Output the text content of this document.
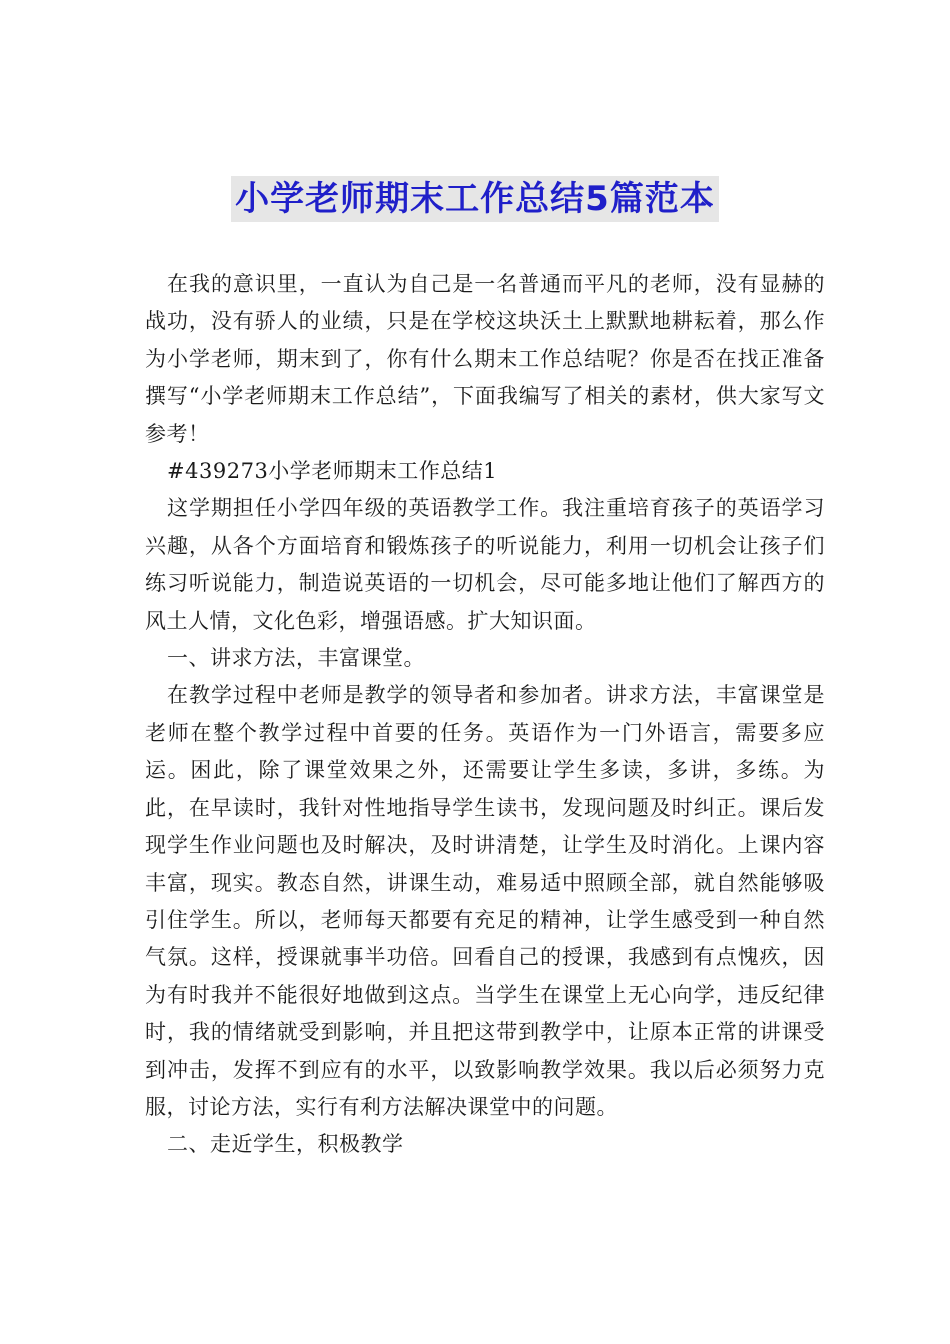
小学老师期末工作总结5篇范本

在我的意识里，一直认为自己是一名普通而平凡的老师，没有显赫的战功，没有骄人的业绩，只是在学校这块沃土上默默地耕耘着，那么作为小学老师，期末到了，你有什么期末工作总结呢？你是否在找正准备撰写“小学老师期末工作总结”，下面我编写了相关的素材，供大家写文参考！

#439273小学老师期末工作总结1

这学期担任小学四年级的英语教学工作。我注重培育孩子的英语学习兴趣，从各个方面培育和锻炼孩子的听说能力，利用一切机会让孩子们练习听说能力，制造说英语的一切机会，尽可能多地让他们了解西方的风土人情，文化色彩，增强语感。扩大知识面。

一、讲求方法，丰富课堂。

在教学过程中老师是教学的领导者和参加者。讲求方法，丰富课堂是老师在整个教学过程中首要的任务。英语作为一门外语言，需要多应运。困此，除了课堂效果之外，还需要让学生多读，多讲，多练。为此，在早读时，我针对性地指导学生读书，发现问题及时纠正。课后发现学生作业问题也及时解决，及时讲清楚，让学生及时消化。上课内容丰富，现实。教态自然，讲课生动，难易适中照顾全部，就自然能够吸引住学生。所以，老师每天都要有充足的精神，让学生感受到一种自然气氛。这样，授课就事半功倍。回看自己的授课，我感到有点愧疚，因为有时我并不能很好地做到这点。当学生在课堂上无心向学，违反纪律时，我的情绪就受到影响，并且把这带到教学中，让原本正常的讲课受到冲击，发挥不到应有的水平，以致影响教学效果。我以后必须努力克服，讨论方法，实行有利方法解决课堂中的问题。

二、走近学生，积极教学
